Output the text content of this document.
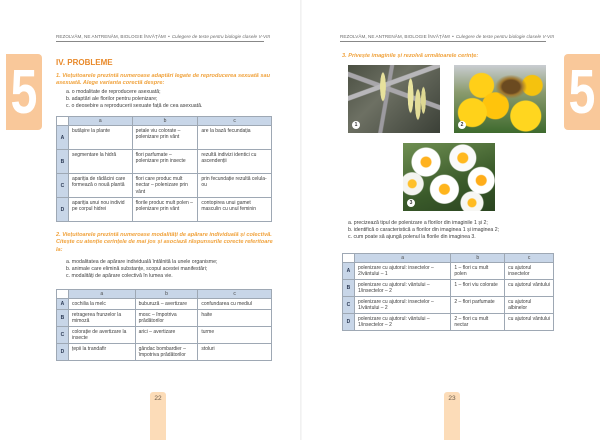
REZOLVĂM, NE ANTRENĂM, BIOLOGIE ÎNVĂȚĂM! • Culegere de teste pentru biologie clasele V-VIII
5 IV. PROBLEME
1. Viețuitoarele prezintă numeroase adaptări legate de reproducerea sexuată sau asexuată. Alege varianta corectă despre:
a. o modalitate de reproducere asexuată;
b. adaptări ale florilor pentru polenizare;
c. o deosebire a reproducerii sexuate față de cea asexuată.
	a	b	c
A	butășire la plante	petale viu colorate – polenizare prin vânt	are la bază fecundația
B	segmentare la hidră	flori parfumate – polenizare prin insecte	rezultă indivizi identici cu ascendenții
C	apariția de rădăcini care formează o nouă plantă	flori care produc mult nectar – polenizare prin vânt	prin fecundație rezultă celula-ou
D	apariția unui nou individ pe corpul hidrei	florile produc mult polen – polenizare prin vânt	contopirea unui gamet masculin cu unul feminin
2. Viețuitoarele prezintă numeroase modalități de apărare individuală și colectivă. Citește cu atenție cerințele de mai jos și asociază răspunsurile corecte referitoare la:
a. modalitatea de apărare individuală întâlnită la unele organisme;
b. animale care elimină substanțe, scopul acestei manifestări;
c. modalități de apărare colectivă în lumea vie.
	a	b	c
A	cochilia la melc	buburuză – avertizare	confundarea cu mediul
B	retragerea frunzelor la mimoză	mosc – împotriva prădătorilor	haite
C	colorație de avertizare la insecte	arici – avertizare	turme
D	țepii la trandafir	gândac bombardier – împotriva prădătorilor	stoluri
22
REZOLVĂM, NE ANTRENĂM, BIOLOGIE ÎNVĂȚĂM! • Culegere de teste pentru biologie clasele V-VIII
5
3. Privește imaginile și rezolvă următoarele cerințe:
1	2
3
a. precizează tipul de polenizare a florilor din imaginile 1 și 2;
b. identifică o caracteristică a florilor din imaginea 1 și imaginea 2;
c. cum poate să ajungă polenul la florile din imaginea 3.
	a	b	c
A	polenizare cu ajutorul: insectelor – 2/vântului – 1	1 – flori cu mult polen	cu ajutorul insectelor
B	polenizare cu ajutorul: vântului – 1/insectelor – 2	1 – flori viu colorate	cu ajutorul vântului
C	polenizare cu ajutorul: insectelor – 1/vântului – 2	2 – flori parfumate	cu ajutorul albinelor
D	polenizare cu ajutorul: vântului – 1/insectelor – 2	2 – flori cu mult nectar	cu ajutorul vântului
23
